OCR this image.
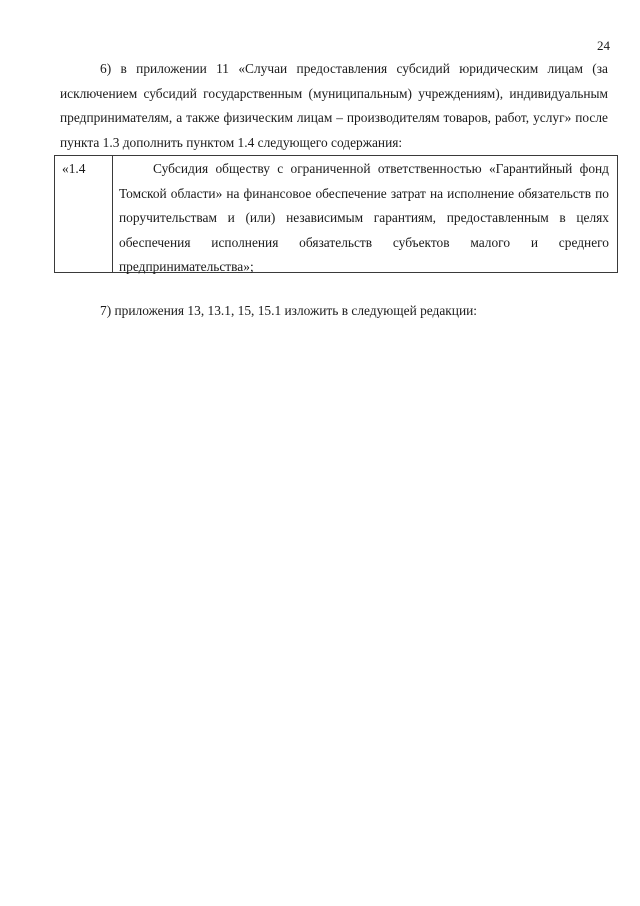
24

6) в приложении 11 «Случаи предоставления субсидий юридическим лицам (за исключением субсидий государственным (муниципальным) учреждениям), индивидуальным предпринимателям, а также физическим лицам – производителям товаров, работ, услуг» после пункта 1.3 дополнить пунктом 1.4 следующего содержания:

«1.4	Субсидия обществу с ограниченной ответственностью «Гарантийный фонд Томской области» на финансовое обеспечение затрат на исполнение обязательств по поручительствам и (или) независимым гарантиям, предоставленным в целях обеспечения исполнения обязательств субъектов малого и среднего предпринимательства»;

7) приложения 13, 13.1, 15, 15.1 изложить в следующей редакции:
